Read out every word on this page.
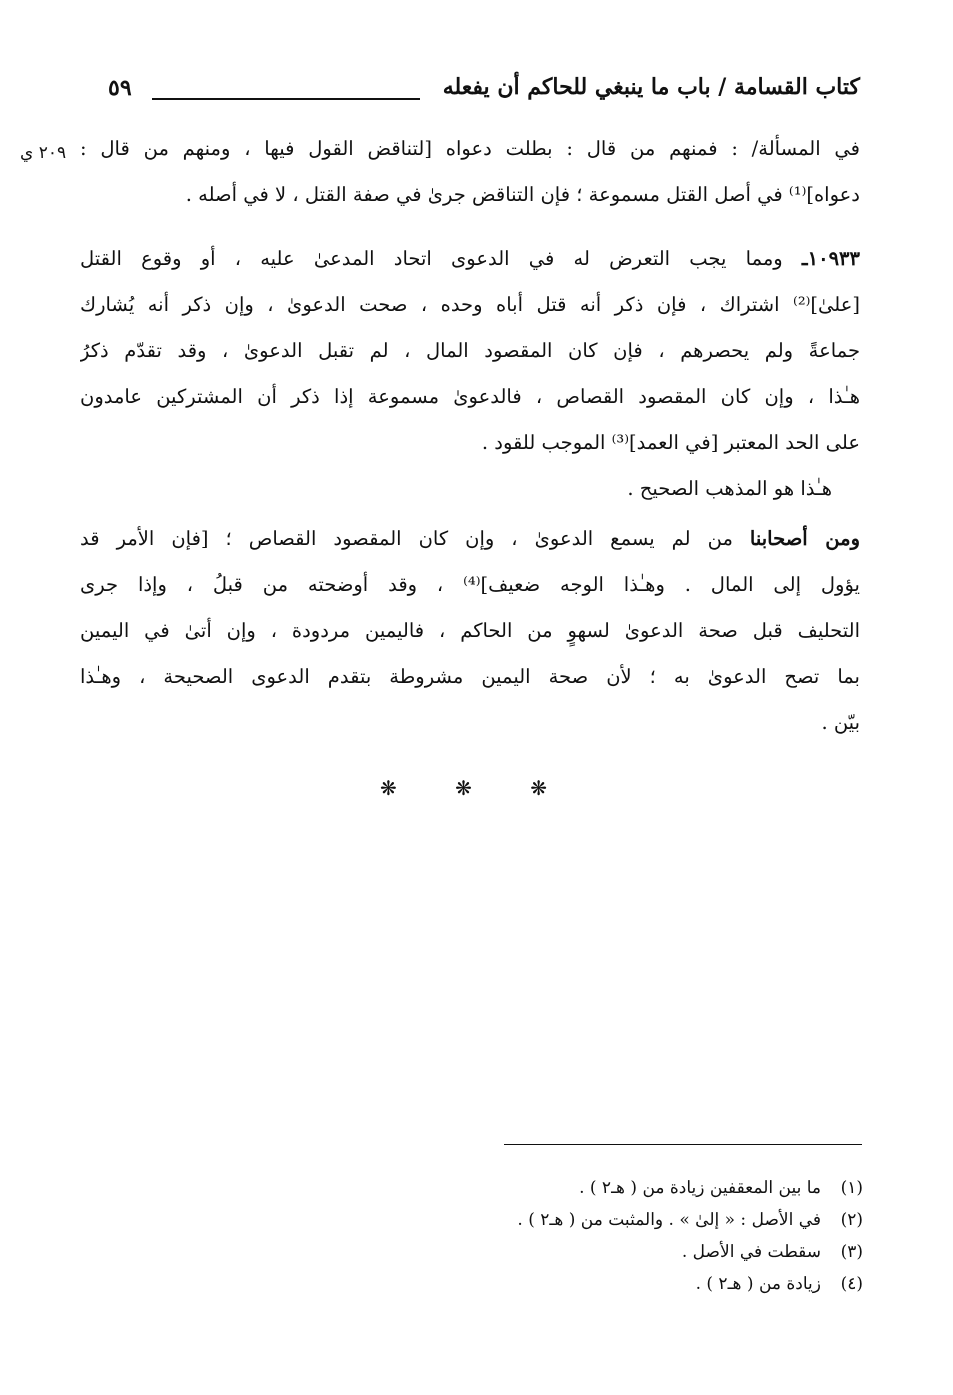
كتاب القسامة / باب ما ينبغي للحاكم أن يفعله
٥٩
٢٠٩ ي في المسألة/ : فمنهم من قال : بطلت دعواه [لتناقض القول فيها ، ومنهم من قال :
دعواه]⁽¹⁾ في أصل القتل مسموعة ؛ فإن التناقض جرىٰ في صفة القتل ، لا في أصله .
١٠٩٣٣ـ ومما يجب التعرض له في الدعوى اتحاد المدعىٰ عليه ، أو وقوع القتل
[علىٰ]⁽²⁾ اشتراك ، فإن ذكر أنه قتل أباه وحده ، صحت الدعوىٰ ، وإن ذكر أنه يُشارك
جماعةً ولم يحصرهم ، فإن كان المقصود المال ، لم تقبل الدعوىٰ ، وقد تقدّم ذكرُ
هـٰذا ، وإن كان المقصود القصاص ، فالدعوىٰ مسموعة إذا ذكر أن المشتركين عامدون
على الحد المعتبر [في العمد]⁽³⁾ الموجب للقود .
هـٰذا هو المذهب الصحيح .
ومن أصحابنا من لم يسمع الدعوىٰ ، وإن كان المقصود القصاص ؛ [فإن الأمر قد
يؤول إلى المال . وهـٰذا الوجه ضعيف]⁽⁴⁾ ، وقد أوضحته من قبلُ ، وإذا جرى
التحليف قبل صحة الدعوىٰ لسهوٍ من الحاكم ، فاليمين مردودة ، وإن أتىٰ في اليمين
بما تصح الدعوىٰ به ؛ لأن صحة اليمين مشروطة بتقدم الدعوى الصحيحة ، وهـٰذا
بيّن .
❋ ❋ ❋
(١)ما بين المعقفين زيادة من ( هـ٢ ) .
(٢)في الأصل : « إلىٰ » . والمثبت من ( هـ٢ ) .
(٣)سقطت في الأصل .
(٤)زيادة من ( هـ٢ ) .
